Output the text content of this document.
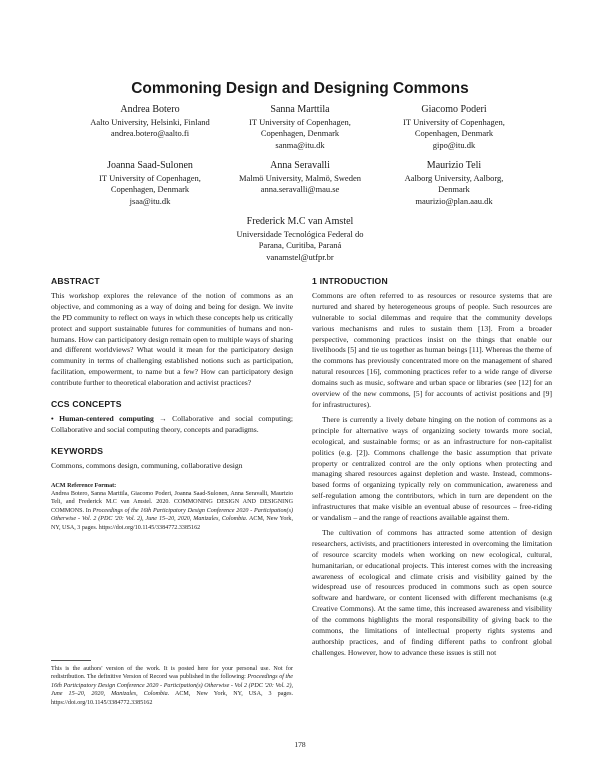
Commoning Design and Designing Commons
Andrea Botero
Aalto University, Helsinki, Finland
andrea.botero@aalto.fi
Sanna Marttila
IT University of Copenhagen,
Copenhagen, Denmark
sanma@itu.dk
Giacomo Poderi
IT University of Copenhagen,
Copenhagen, Denmark
gipo@itu.dk
Joanna Saad-Sulonen
IT University of Copenhagen,
Copenhagen, Denmark
jsaa@itu.dk
Anna Seravalli
Malmö University, Malmö, Sweden
anna.seravalli@mau.se
Maurizio Teli
Aalborg University, Aalborg,
Denmark
maurizio@plan.aau.dk
Frederick M.C van Amstel
Universidade Tecnológica Federal do
Parana, Curitiba, Paraná
vanamstel@utfpr.br
ABSTRACT

This workshop explores the relevance of the notion of commons as an objective, and commoning as a way of doing and being for design. We invite the PD community to reflect on ways in which these concepts help us critically protect and support sustainable futures for communities of humans and non-humans. How can participatory design remain open to multiple ways of sharing and different worldviews? What would it mean for the participatory design community in terms of challenging established notions such as participation, facilitation, empowerment, to name but a few? How can participatory design contribute further to theoretical elaboration and activist practices?

CCS CONCEPTS

• Human-centered computing → Collaborative and social computing; Collaborative and social computing theory, concepts and paradigms.

KEYWORDS

Commons, commons design, communing, collaborative design

ACM Reference Format:
Andrea Botero, Sanna Marttila, Giacomo Poderi, Joanna Saad-Sulonen, Anna Seravalli, Maurizio Teli, and Frederick M.C van Amstel. 2020. COMMONING DESIGN AND DESIGNING COMMONS. In Proceedings of the 16th Participatory Design Conference 2020 - Participation(s) Otherwise - Vol. 2 (PDC '20: Vol. 2), June 15–20, 2020, Manizales, Colombia. ACM, New York, NY, USA, 3 pages. https://doi.org/10.1145/3384772.3385162
This is the authors' version of the work. It is posted here for your personal use. Not for redistribution. The definitive Version of Record was published in the following: Proceedings of the 16th Participatory Design Conference 2020 - Participation(s) Otherwise - Vol 2 (PDC '20: Vol. 2), June 15–20, 2020, Manizales, Colombia. ACM, New York, NY, USA, 3 pages. https://doi.org/10.1145/3384772.3385162
1 INTRODUCTION

Commons are often referred to as resources or resource systems that are nurtured and shared by heterogeneous groups of people. Such resources are vulnerable to social dilemmas and require that the community develops various mechanisms and rules to sustain them [13]. From a broader perspective, commoning practices insist on the things that enable our livelihoods [5] and tie us together as human beings [11]. Whereas the theme of the commons has previously concentrated more on the management of shared natural resources [16], commoning practices refer to a wide range of diverse domains such as music, software and urban space or libraries (see [12] for an overview of the new commons, [5] for accounts of activist positions and [9] for infrastructures).

There is currently a lively debate hinging on the notion of commons as a principle for alternative ways of organizing society towards more social, ecological, and sustainable forms; or as an infrastructure for non-capitalist politics (e.g. [2]). Commons challenge the basic assumption that private property or centralized control are the only options when protecting and managing shared resources against depletion and waste. Instead, commons-based forms of organizing typically rely on communication, awareness and self-regulation among the contributors, which in turn are dependent on the infrastructures that make visible an eventual abuse of resources – free-riding or vandalism – and the range of reactions available against them.

The cultivation of commons has attracted some attention of design researchers, activists, and practitioners interested in overcoming the limitation of resource scarcity models when working on new ecological, cultural, humanitarian, or educational projects. This interest comes with the increasing awareness of ecological and climate crisis and visibility gained by the widespread use of resources produced in commons such as open source software and hardware, or content licensed with different mechanisms (e.g Creative Commons). At the same time, this increased awareness and visibility of the commons highlights the moral responsibility of giving back to the commons, the limitations of intellectual property rights systems and authorship practices, and of finding different paths to confront global challenges. However, how to advance these issues is still not

178
